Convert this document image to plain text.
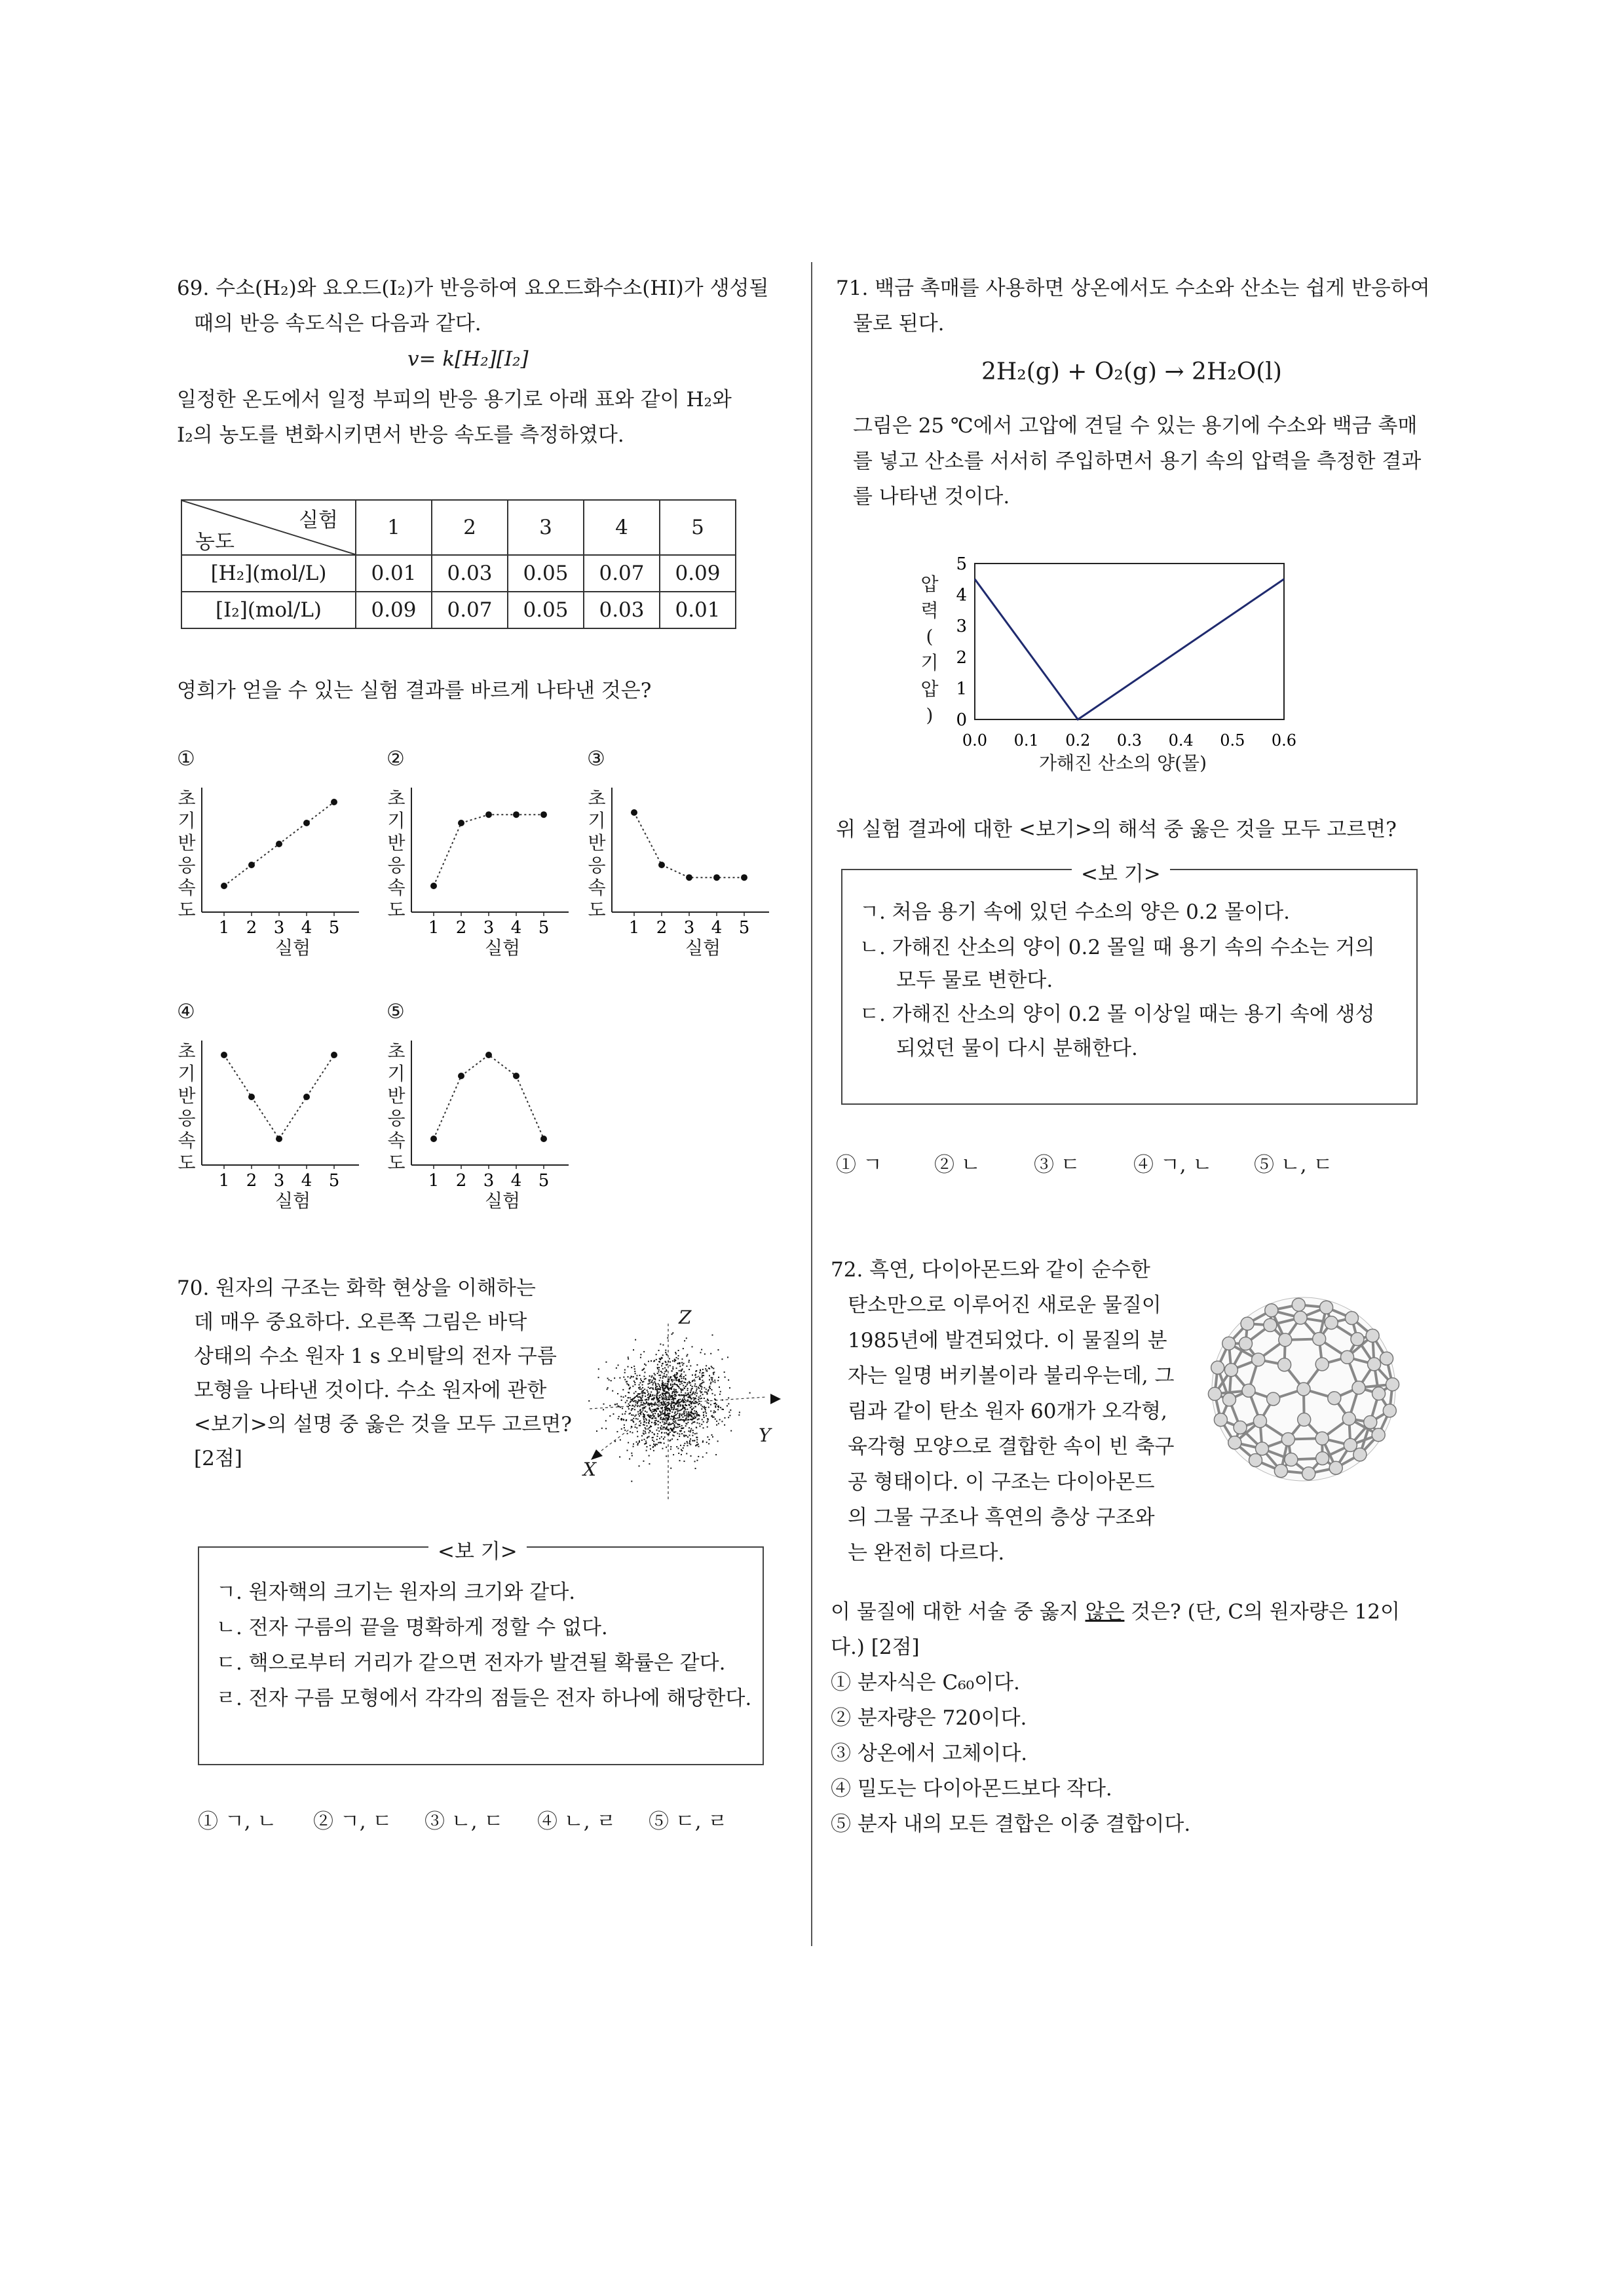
69. 수소(H₂)와 요오드(I₂)가 반응하여 요오드화수소(HI)가 생성될
때의 반응 속도식은 다음과 같다.
v= k[H₂][I₂]
일정한 온도에서 일정 부피의 반응 용기로 아래 표와 같이 H₂와
I₂의 농도를 변화시키면서 반응 속도를 측정하였다.
실험
농도	1	2	3	4	5
[H₂](mol/L)	0.01	0.03	0.05	0.07	0.09
[I₂](mol/L)	0.09	0.07	0.05	0.03	0.01
영희가 얻을 수 있는 실험 결과를 바르게 나타낸 것은?
①
초
기
반
응
속
도
1 2 3 4 5
실험
②
초
기
반
응
속
도
1 2 3 4 5
실험
③
초
기
반
응
속
도
1 2 3 4 5
실험
④
초
기
반
응
속
도
1 2 3 4 5
실험
⑤
초
기
반
응
속
도
1 2 3 4 5
실험
70. 원자의 구조는 화학 현상을 이해하는
데 매우 중요하다. 오른쪽 그림은 바닥
상태의 수소 원자 1 s 오비탈의 전자 구름
모형을 나타낸 것이다. 수소 원자에 관한
<보기>의 설명 중 옳은 것을 모두 고르면?
[2점]
Z
Y
X
<보 기>
ㄱ. 원자핵의 크기는 원자의 크기와 같다.
ㄴ. 전자 구름의 끝을 명확하게 정할 수 없다.
ㄷ. 핵으로부터 거리가 같으면 전자가 발견될 확률은 같다.
ㄹ. 전자 구름 모형에서 각각의 점들은 전자 하나에 해당한다.
① ㄱ, ㄴ ② ㄱ, ㄷ ③ ㄴ, ㄷ ④ ㄴ, ㄹ ⑤ ㄷ, ㄹ
71. 백금 촉매를 사용하면 상온에서도 수소와 산소는 쉽게 반응하여
물로 된다.
2H₂(g) + O₂(g) → 2H₂O(l)
그림은 25 ℃에서 고압에 견딜 수 있는 용기에 수소와 백금 촉매
를 넣고 산소를 서서히 주입하면서 용기 속의 압력을 측정한 결과
를 나타낸 것이다.
압
력
(
기
압
)	0
1
2
3
4
5
0.0 0.1 0.2 0.3 0.4 0.5 0.6
가해진 산소의 양(몰)
위 실험 결과에 대한 <보기>의 해석 중 옳은 것을 모두 고르면?
<보 기>
ㄱ. 처음 용기 속에 있던 수소의 양은 0.2 몰이다.
ㄴ. 가해진 산소의 양이 0.2 몰일 때 용기 속의 수소는 거의
모두 물로 변한다.
ㄷ. 가해진 산소의 양이 0.2 몰 이상일 때는 용기 속에 생성
되었던 물이 다시 분해한다.
① ㄱ	② ㄴ	③ ㄷ	④ ㄱ, ㄴ ⑤ ㄴ, ㄷ
72. 흑연, 다이아몬드와 같이 순수한
탄소만으로 이루어진 새로운 물질이
1985년에 발견되었다. 이 물질의 분
자는 일명 버키볼이라 불리우는데, 그
림과 같이 탄소 원자 60개가 오각형,
육각형 모양으로 결합한 속이 빈 축구
공 형태이다. 이 구조는 다이아몬드
의 그물 구조나 흑연의 층상 구조와
는 완전히 다르다.
이 물질에 대한 서술 중 옳지 않은 것은? (단, C의 원자량은 12이
다.) [2점]
① 분자식은 C₆₀이다.
② 분자량은 720이다.
③ 상온에서 고체이다.
④ 밀도는 다이아몬드보다 작다.
⑤ 분자 내의 모든 결합은 이중 결합이다.
